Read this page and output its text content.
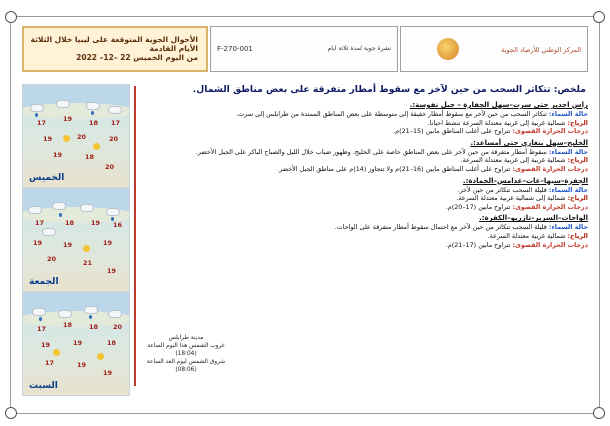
المركز الوطني للأرصاد الجوية
نشرة جوية لمدة ثلاثة ايام
F-270-001
الأحوال الجوية المتوقعة على ليبيا خلال الثلاثة الأيام القادمة
من اليوم الخميس 22 –12– 2022
17	19	18 17
19	20	20
19	18
20
الخميس
17	18	19 16
19	19	19
20	21
19
الجمعة
17	18	18 20
19	19	18
17	19
19
السبت
ملخص: تتكاثر السحب من حين لآخر مع سقوط أمطار متفرقة على بعض مناطق الشمال.
راس اجدير حتى سرت–سهل الجفارة – جبل نفوسة:.

حالة السماء: تتكاثر السحب من حين لآخر مع سقوط أمطار خفيفة إلى متوسطة على بعض المناطق الممتدة من طرابلس إلى سرت.

الرياح: شمالية غربية إلى غربية معتدلة السرعة تنشط احيانا.

درجات الحرارة القصوى: تتراوح على أغلب المناطق مابين (15–21)م.

الخليج–سهل بنغازي حتى أمساعد:.

حالة السماء: سقوط أمطار متفرقة من حين لآخر على بعض المناطق خاصة على الخليج، وظهور ضباب خلال الليل والصباح الباكر على الجبل الأخضر.

الرياح: شمالية غربية إلى غربية معتدلة السرعة.

درجات الحرارة القصوى: تتراوح على أغلب المناطق مابين (16–21)م ولا تتجاوز (14)م على مناطق الجبل الأخضر.

الجفرة–سبها–غات–غدامس–الحمادة:.

حالة السماء: قليلة السحب تتكاثر من حين لآخر.

الرياح: شمالية إلى شمالية غربية معتدلة السرعة.

درجات الحرارة القصوى: تتراوح مابين (17–20)م.

الواحات–السرير–تازربو–الكفرة:.

حالة السماء: قليلة السحب تتكاثر من حين لآخر مع احتمال سقوط أمطار متفرقة على الواحات.

الرياح: شمالية غربية معتدلة السرعة.

درجات الحرارة القصوى: تتراوح مابين (17–21)م.

مدينة طرابلس
غروب الشمس هذا اليوم الساعة (18:04)
شروق الشمس ليوم الغد الساعة (08:06)
